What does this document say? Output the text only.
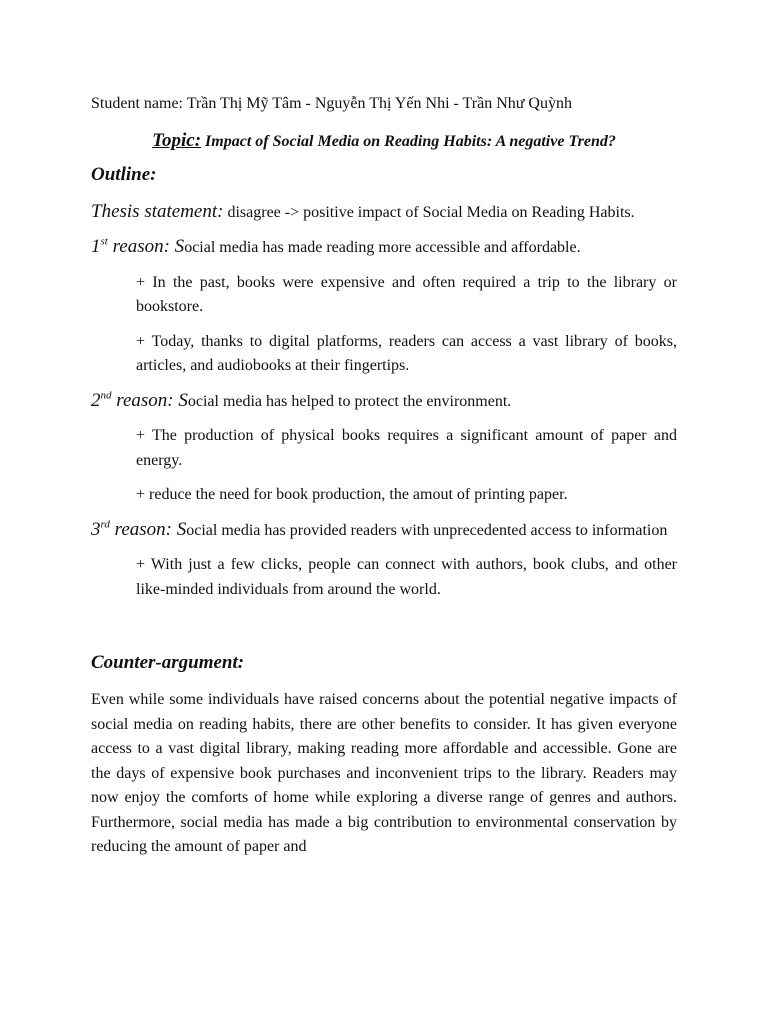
Student name: Trần Thị Mỹ Tâm - Nguyễn Thị Yến Nhi - Trần Như Quỳnh

Topic: Impact of Social Media on Reading Habits: A negative Trend?

Outline:

Thesis statement: disagree -> positive impact of Social Media on Reading Habits.

1st reason: Social media has made reading more accessible and affordable.

+ In the past, books were expensive and often required a trip to the library or bookstore.

+ Today, thanks to digital platforms, readers can access a vast library of books, articles, and audiobooks at their fingertips.

2nd reason: Social media has helped to protect the environment.

+ The production of physical books requires a significant amount of paper and energy.

+ reduce the need for book production, the amout of printing paper.

3rd reason: Social media has provided readers with unprecedented access to information

+ With just a few clicks, people can connect with authors, book clubs, and other like-minded individuals from around the world.

Counter-argument:

Even while some individuals have raised concerns about the potential negative impacts of social media on reading habits, there are other benefits to consider. It has given everyone access to a vast digital library, making reading more affordable and accessible. Gone are the days of expensive book purchases and inconvenient trips to the library. Readers may now enjoy the comforts of home while exploring a diverse range of genres and authors. Furthermore, social media has made a big contribution to environmental conservation by reducing the amount of paper and
